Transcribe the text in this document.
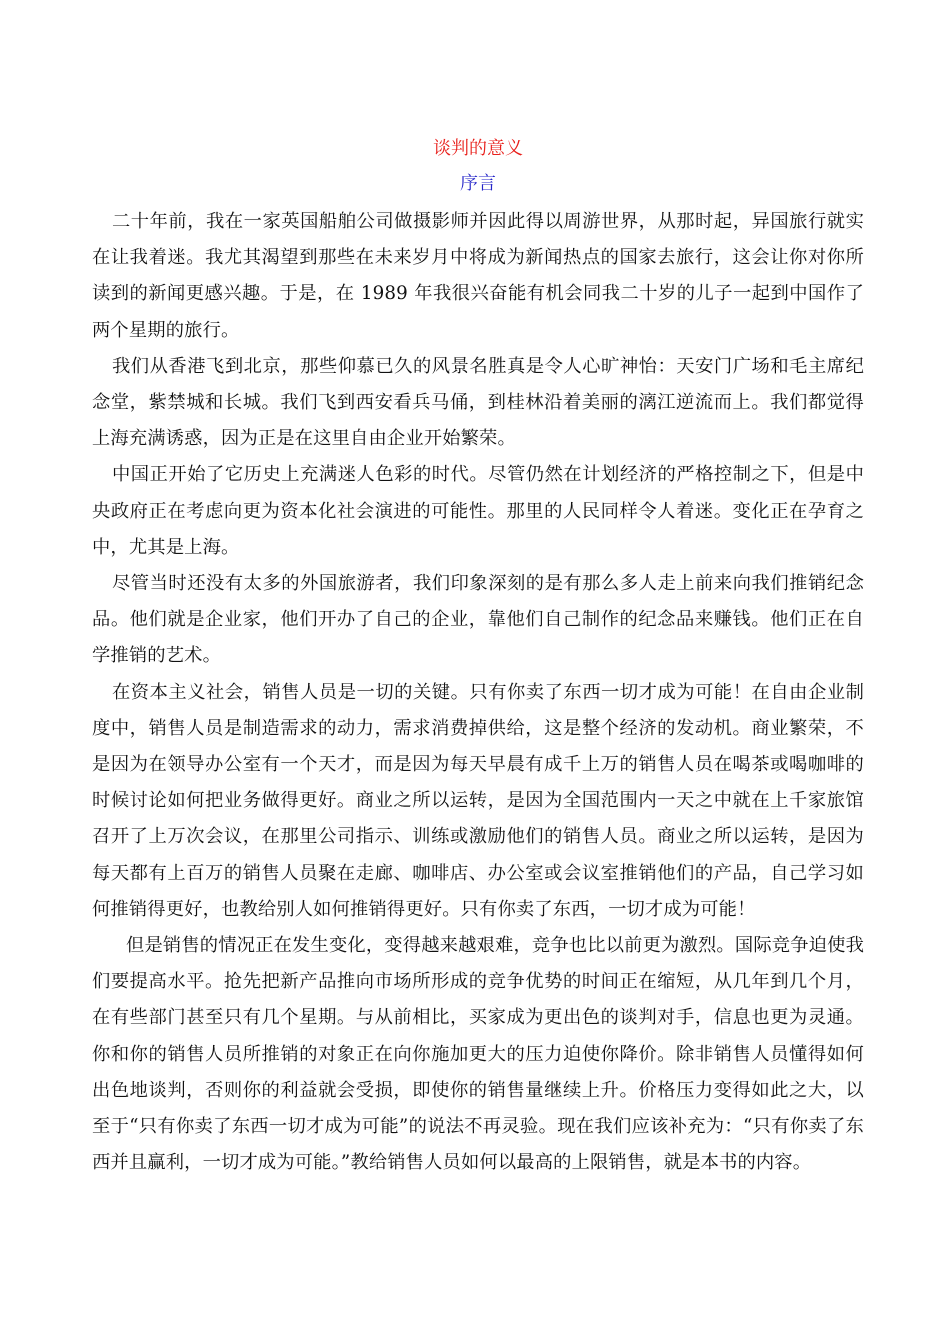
谈判的意义
序言

二十年前，我在一家英国船舶公司做摄影师并因此得以周游世界，从那时起，异国旅行就实在让我着迷。我尤其渴望到那些在未来岁月中将成为新闻热点的国家去旅行，这会让你对你所读到的新闻更感兴趣。于是，在 1989 年我很兴奋能有机会同我二十岁的儿子一起到中国作了两个星期的旅行。

我们从香港飞到北京，那些仰慕已久的风景名胜真是令人心旷神怡：天安门广场和毛主席纪念堂，紫禁城和长城。我们飞到西安看兵马俑，到桂林沿着美丽的漓江逆流而上。我们都觉得上海充满诱惑，因为正是在这里自由企业开始繁荣。

中国正开始了它历史上充满迷人色彩的时代。尽管仍然在计划经济的严格控制之下，但是中央政府正在考虑向更为资本化社会演进的可能性。那里的人民同样令人着迷。变化正在孕育之中，尤其是上海。

尽管当时还没有太多的外国旅游者，我们印象深刻的是有那么多人走上前来向我们推销纪念品。他们就是企业家，他们开办了自己的企业，靠他们自己制作的纪念品来赚钱。他们正在自学推销的艺术。

在资本主义社会，销售人员是一切的关键。只有你卖了东西一切才成为可能！在自由企业制度中，销售人员是制造需求的动力，需求消费掉供给，这是整个经济的发动机。商业繁荣，不是因为在领导办公室有一个天才，而是因为每天早晨有成千上万的销售人员在喝茶或喝咖啡的时候讨论如何把业务做得更好。商业之所以运转，是因为全国范围内一天之中就在上千家旅馆召开了上万次会议，在那里公司指示、训练或激励他们的销售人员。商业之所以运转，是因为每天都有上百万的销售人员聚在走廊、咖啡店、办公室或会议室推销他们的产品，自己学习如何推销得更好，也教给别人如何推销得更好。只有你卖了东西，一切才成为可能！

但是销售的情况正在发生变化，变得越来越艰难，竞争也比以前更为激烈。国际竞争迫使我们要提高水平。抢先把新产品推向市场所形成的竞争优势的时间正在缩短，从几年到几个月，在有些部门甚至只有几个星期。与从前相比，买家成为更出色的谈判对手，信息也更为灵通。你和你的销售人员所推销的对象正在向你施加更大的压力迫使你降价。除非销售人员懂得如何出色地谈判，否则你的利益就会受损，即使你的销售量继续上升。价格压力变得如此之大，以至于“只有你卖了东西一切才成为可能”的说法不再灵验。现在我们应该补充为：“只有你卖了东西并且赢利，一切才成为可能。”教给销售人员如何以最高的上限销售，就是本书的内容。
